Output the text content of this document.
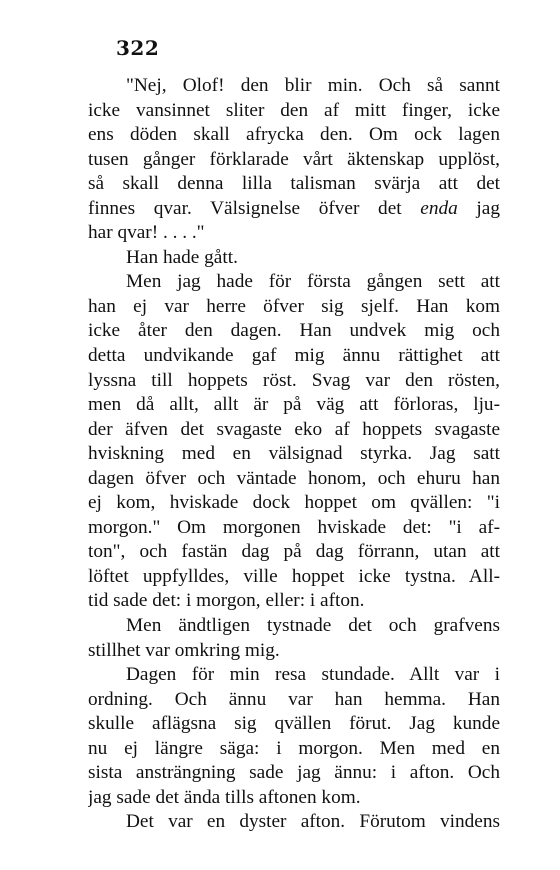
322
"Nej, Olof! den blir min. Och så sannt
icke vansinnet sliter den af mitt finger, icke
ens döden skall afrycka den. Om ock lagen
tusen gånger förklarade vårt äktenskap upplöst,
så skall denna lilla talisman svärja att det
finnes qvar. Välsignelse öfver det enda jag
har qvar! . . . ."
Han hade gått.
Men jag hade för första gången sett att
han ej var herre öfver sig sjelf. Han kom
icke åter den dagen. Han undvek mig och
detta undvikande gaf mig ännu rättighet att
lyssna till hoppets röst. Svag var den rösten,
men då allt, allt är på väg att förloras, lju-
der äfven det svagaste eko af hoppets svagaste
hviskning med en välsignad styrka. Jag satt
dagen öfver och väntade honom, och ehuru han
ej kom, hviskade dock hoppet om qvällen: "i
morgon." Om morgonen hviskade det: "i af-
ton", och fastän dag på dag förrann, utan att
löftet uppfylldes, ville hoppet icke tystna. All-
tid sade det: i morgon, eller: i afton.
Men ändtligen tystnade det och grafvens
stillhet var omkring mig.
Dagen för min resa stundade. Allt var i
ordning. Och ännu var han hemma. Han
skulle aflägsna sig qvällen förut. Jag kunde
nu ej längre säga: i morgon. Men med en
sista ansträngning sade jag ännu: i afton. Och
jag sade det ända tills aftonen kom.
Det var en dyster afton. Förutom vindens
